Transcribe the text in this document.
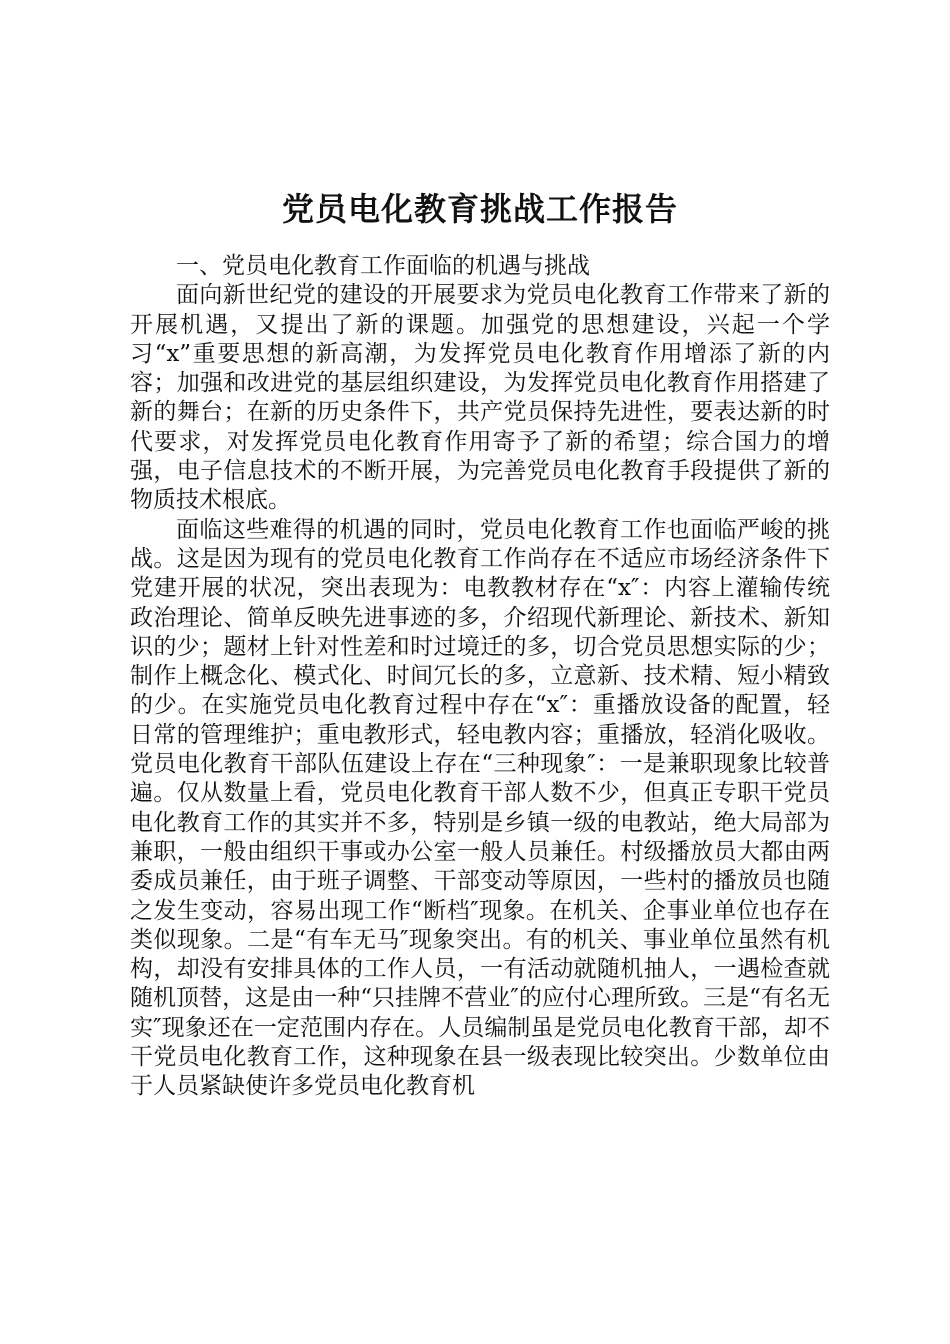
党员电化教育挑战工作报告

一、党员电化教育工作面临的机遇与挑战

面向新世纪党的建设的开展要求为党员电化教育工作带来了新的开展机遇，又提出了新的课题。加强党的思想建设，兴起一个学习“x”重要思想的新高潮，为发挥党员电化教育作用增添了新的内容；加强和改进党的基层组织建设，为发挥党员电化教育作用搭建了新的舞台；在新的历史条件下，共产党员保持先进性，要表达新的时代要求，对发挥党员电化教育作用寄予了新的希望；综合国力的增强，电子信息技术的不断开展，为完善党员电化教育手段提供了新的物质技术根底。

面临这些难得的机遇的同时，党员电化教育工作也面临严峻的挑战。这是因为现有的党员电化教育工作尚存在不适应市场经济条件下党建开展的状况，突出表现为：电教教材存在“x″：内容上灌输传统政治理论、简单反映先进事迹的多，介绍现代新理论、新技术、新知识的少；题材上针对性差和时过境迁的多，切合党员思想实际的少；制作上概念化、模式化、时间冗长的多，立意新、技术精、短小精致的少。在实施党员电化教育过程中存在“x″：重播放设备的配置，轻日常的管理维护；重电教形式，轻电教内容；重播放，轻消化吸收。党员电化教育干部队伍建设上存在“三种现象″：一是兼职现象比较普遍。仅从数量上看，党员电化教育干部人数不少，但真正专职干党员电化教育工作的其实并不多，特别是乡镇一级的电教站，绝大局部为兼职，一般由组织干事或办公室一般人员兼任。村级播放员大都由两委成员兼任，由于班子调整、干部变动等原因，一些村的播放员也随之发生变动，容易出现工作“断档″现象。在机关、企事业单位也存在类似现象。二是“有车无马″现象突出。有的机关、事业单位虽然有机构，却没有安排具体的工作人员，一有活动就随机抽人，一遇检查就随机顶替，这是由一种“只挂牌不营业″的应付心理所致。三是“有名无实″现象还在一定范围内存在。人员编制虽是党员电化教育干部，却不干党员电化教育工作，这种现象在县一级表现比较突出。少数单位由于人员紧缺使许多党员电化教育机
